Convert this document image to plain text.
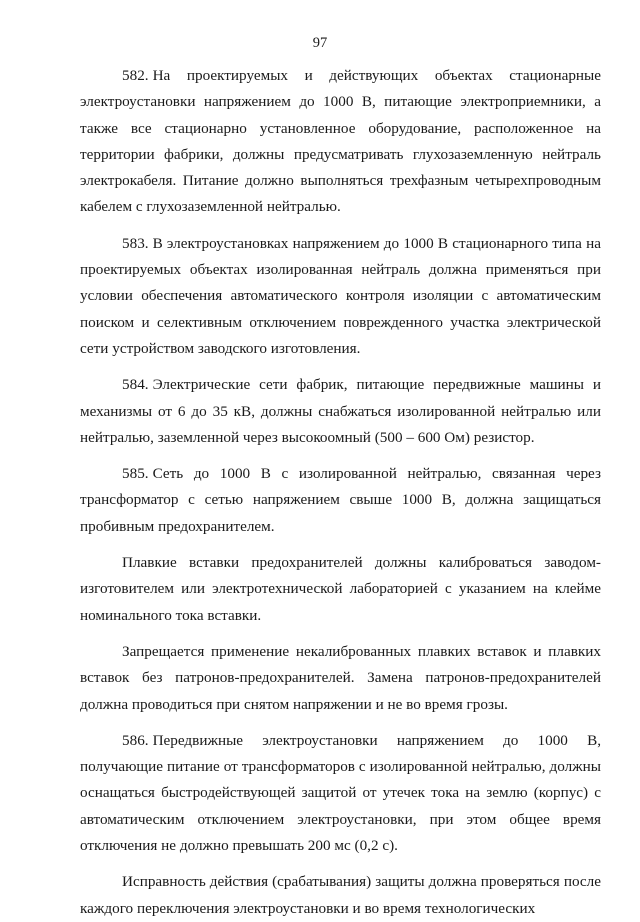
97

582. На проектируемых и действующих объектах стационарные электроустановки напряжением до 1000 В, питающие электроприемники, а также все стационарно установленное оборудование, расположенное на территории фабрики, должны предусматривать глухозаземленную нейтраль электрокабеля. Питание должно выполняться трехфазным четырехпроводным кабелем с глухозаземленной нейтралью.

583. В электроустановках напряжением до 1000 В стационарного типа на проектируемых объектах изолированная нейтраль должна применяться при условии обеспечения автоматического контроля изоляции с автоматическим поиском и селективным отключением поврежденного участка электрической сети устройством заводского изготовления.

584. Электрические сети фабрик, питающие передвижные машины и механизмы от 6 до 35 кВ, должны снабжаться изолированной нейтралью или нейтралью, заземленной через высокоомный (500 – 600 Ом) резистор.

585. Сеть до 1000 В с изолированной нейтралью, связанная через трансформатор с сетью напряжением свыше 1000 В, должна защищаться пробивным предохранителем.

Плавкие вставки предохранителей должны калиброваться заводом-изготовителем или электротехнической лабораторией с указанием на клейме номинального тока вставки.

Запрещается применение некалиброванных плавких вставок и плавких вставок без патронов-предохранителей. Замена патронов-предохранителей должна проводиться при снятом напряжении и не во время грозы.

586. Передвижные электроустановки напряжением до 1000 В, получающие питание от трансформаторов с изолированной нейтралью, должны оснащаться быстродействующей защитой от утечек тока на землю (корпус) с автоматическим отключением электроустановки, при этом общее время отключения не должно превышать 200 мс (0,2 с).

Исправность действия (срабатывания) защиты должна проверяться после каждого переключения электроустановки и во время технологических
